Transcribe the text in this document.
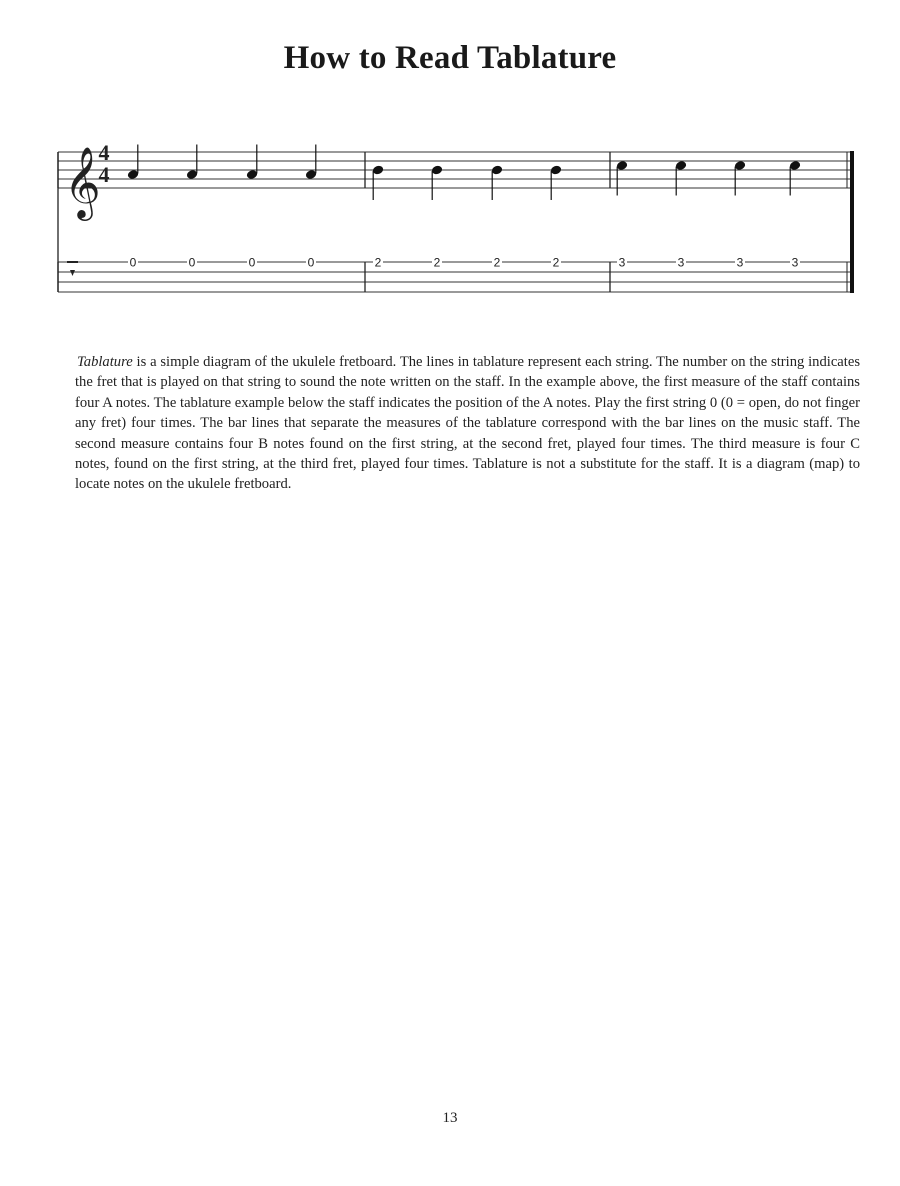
How to Read Tablature
𝄞
4
4
0	0	0	0	2	2	2	2	3	3	3	3
Tablature is a simple diagram of the ukulele fretboard. The lines in tablature represent each string. The number on the string indicates the fret that is played on that string to sound the note written on the staff. In the example above, the first measure of the staff contains four A notes. The tablature example below the staff indicates the position of the A notes. Play the first string 0 (0 = open, do not finger any fret) four times. The bar lines that separate the measures of the tablature correspond with the bar lines on the music staff. The second measure contains four B notes found on the first string, at the second fret, played four times. The third measure is four C notes, found on the first string, at the third fret, played four times. Tablature is not a substitute for the staff. It is a diagram (map) to locate notes on the ukulele fretboard.
13
